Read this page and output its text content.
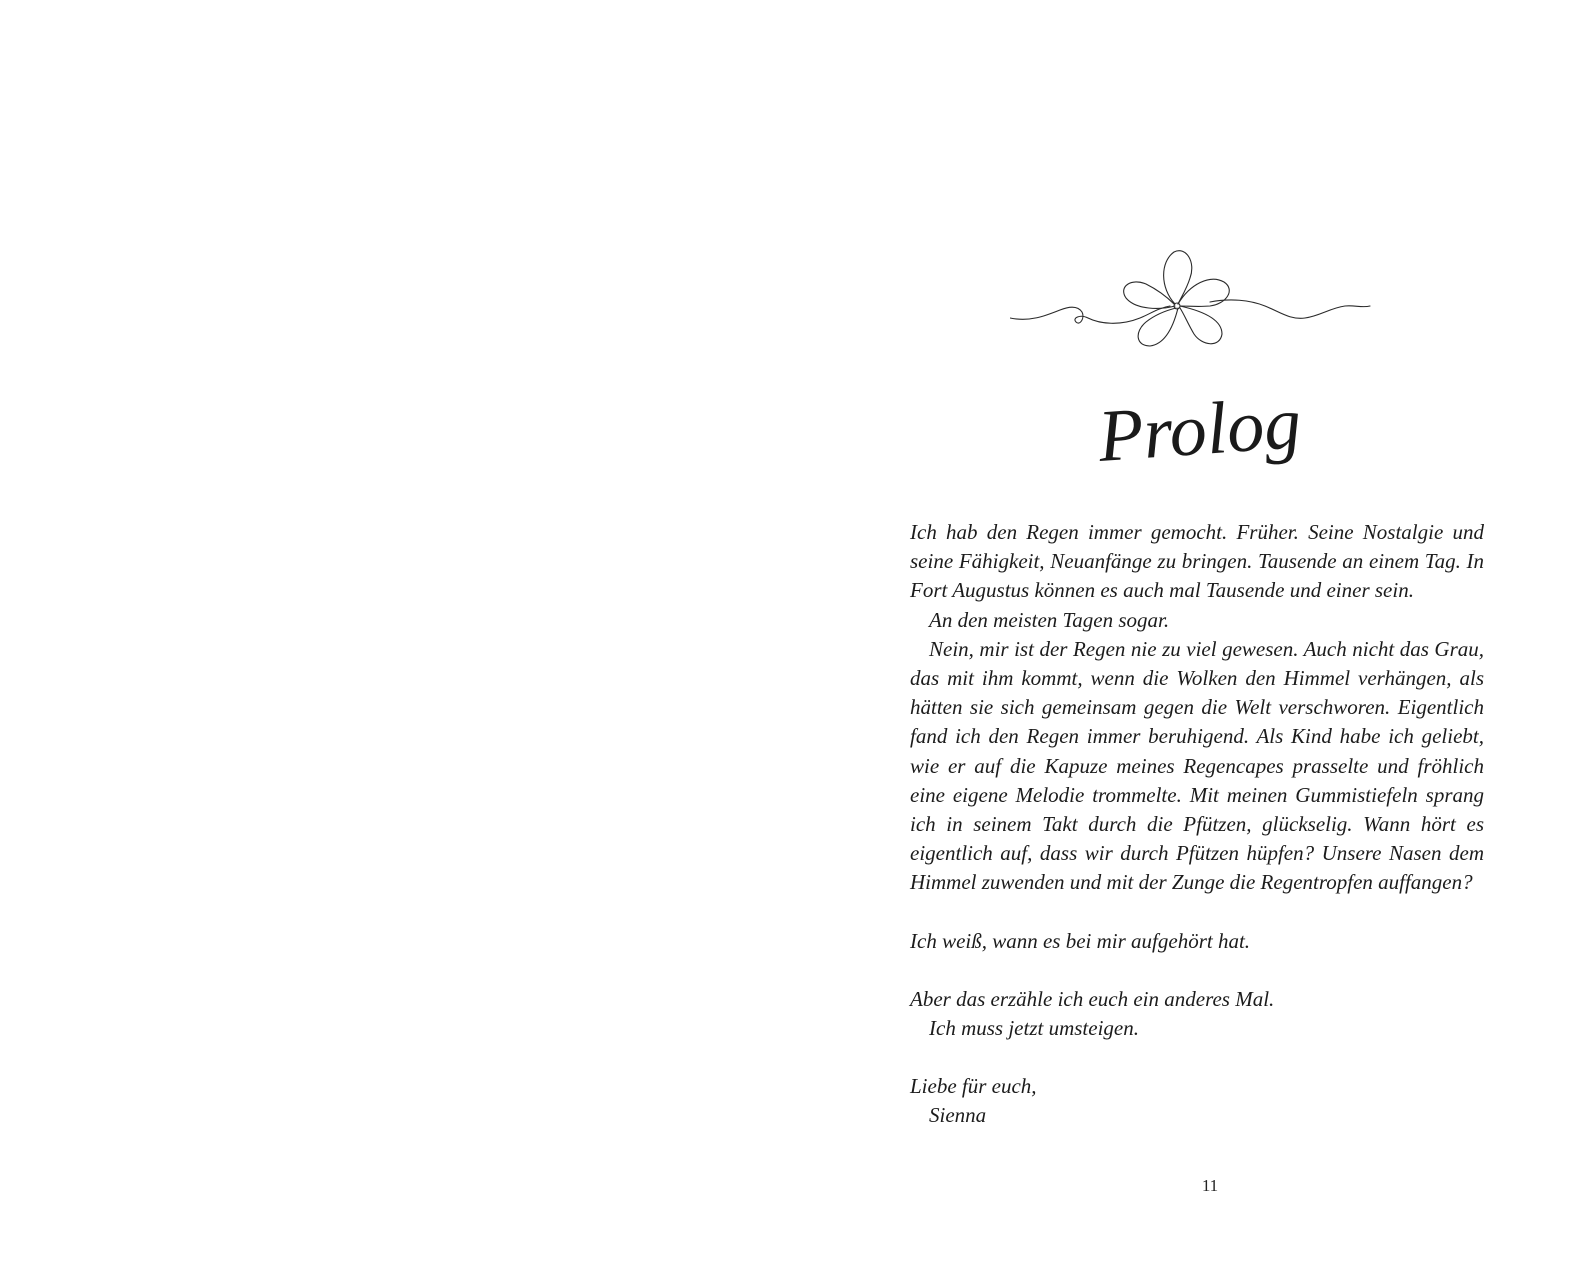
Prolog

Ich hab den Regen immer gemocht. Früher. Seine Nostalgie und seine Fähigkeit, Neuanfänge zu bringen. Tausende an einem Tag. In Fort Augustus können es auch mal Tausende und einer sein.

An den meisten Tagen sogar.

Nein, mir ist der Regen nie zu viel gewesen. Auch nicht das Grau, das mit ihm kommt, wenn die Wolken den Himmel verhängen, als hätten sie sich gemeinsam gegen die Welt verschworen. Eigentlich fand ich den Regen immer beruhigend. Als Kind habe ich geliebt, wie er auf die Kapuze meines Regencapes prasselte und fröhlich eine eigene Melodie trommelte. Mit meinen Gummistiefeln sprang ich in seinem Takt durch die Pfützen, glückselig. Wann hört es eigentlich auf, dass wir durch Pfützen hüpfen? Unsere Nasen dem Himmel zuwenden und mit der Zunge die Regentropfen auffangen?

Ich weiß, wann es bei mir aufgehört hat.

Aber das erzähle ich euch ein anderes Mal.

Ich muss jetzt umsteigen.

Liebe für euch,

Sienna

11
